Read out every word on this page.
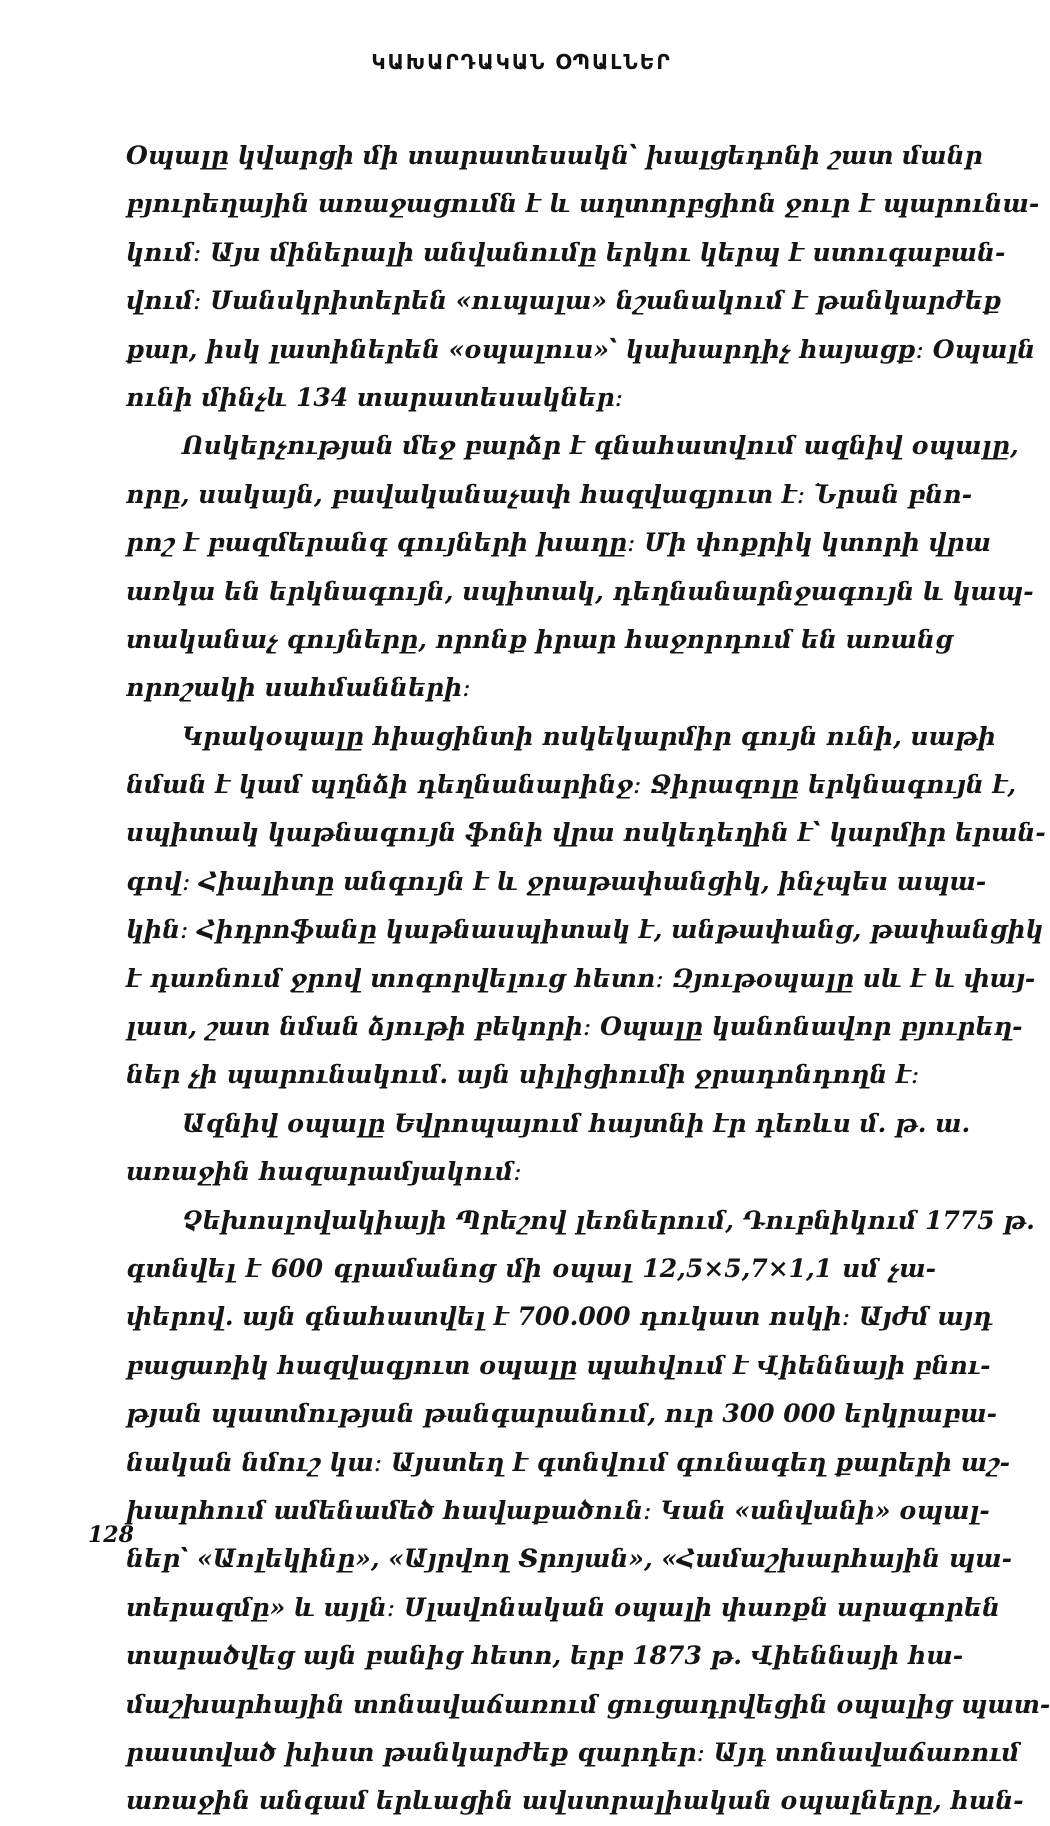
ԿԱԽԱՐԴԱԿԱՆ ՕՊԱԼՆԵՐ
Օպալը կվարցի մի տարատեսակն՝ խալցեդոնի շատ մանր
բյուրեղային առաջացումն է և աղտորբցիոն ջուր է պարունա-
կում։ Այս միներալի անվանումը երկու կերպ է ստուգաբան-
վում։ Սանսկրիտերեն «ուպալա» նշանակում է թանկարժեք
քար, իսկ լատիներեն «օպալուս»՝ կախարդիչ հայացք։ Օպալն
ունի մինչև 134 տարատեսակներ։
Ոսկերչության մեջ բարձր է գնահատվում ազնիվ օպալը,
որը, սակայն, բավականաչափ հազվագյուտ է։ Նրան բնո-
րոշ է բազմերանգ գույների խաղը։ Մի փոքրիկ կտորի վրա
առկա են երկնագույն, սպիտակ, դեղնանարնջագույն և կապ-
տականաչ գույները, որոնք իրար հաջորդում են առանց
որոշակի սահմանների։
Կրակօպալը հիացինտի ոսկեկարմիր գույն ունի, սաթի
նման է կամ պղնձի դեղնանարինջ։ Ջիրազոլը երկնագույն է,
սպիտակ կաթնագույն ֆոնի վրա ոսկեդեղին է՝ կարմիր երան-
գով։ Հիալիտը անգույն է և ջրաթափանցիկ, ինչպես ապա-
կին։ Հիդրոֆանը կաթնասպիտակ է, անթափանց, թափանցիկ
է դառնում ջրով տոգորվելուց հետո։ Զյութօպալը սև է և փայ-
լատ, շատ նման ձյութի բեկորի։ Օպալը կանոնավոր բյուրեղ-
ներ չի պարունակում. այն սիլիցիումի ջրադոնդողն է։
Ազնիվ օպալը Եվրոպայում հայտնի էր դեռևս մ. թ. ա.
առաջին հազարամյակում։
Չեխոսլովակիայի Պրեշով լեռներում, Դուբնիկում 1775 թ.
գտնվել է 600 գրամանոց մի օպալ 12,5×5,7×1,1 սմ չա-
փերով. այն գնահատվել է 700.000 դուկատ ոսկի։ Այժմ այդ
բացառիկ հազվագյուտ օպալը պահվում է Վիեննայի բնու-
թյան պատմության թանգարանում, ուր 300 000 երկրաբա-
նական նմուշ կա։ Այստեղ է գտնվում գունագեղ քարերի աշ-
խարհում ամենամեծ հավաքածուն։ Կան «անվանի» օպալ-
ներ՝ «Աոլեկինը», «Այրվող Տրոյան», «Համաշխարհային պա-
տերազմը» և այլն։ Սլավոնական օպալի փառքն արագորեն
տարածվեց այն բանից հետո, երբ 1873 թ. Վիեննայի հա-
մաշխարհային տոնավաճառում ցուցադրվեցին օպալից պատ-
րաստված խիստ թանկարժեք զարդեր։ Այդ տոնավաճառում
առաջին անգամ երևացին ավստրալիական օպալները, հան-
128
